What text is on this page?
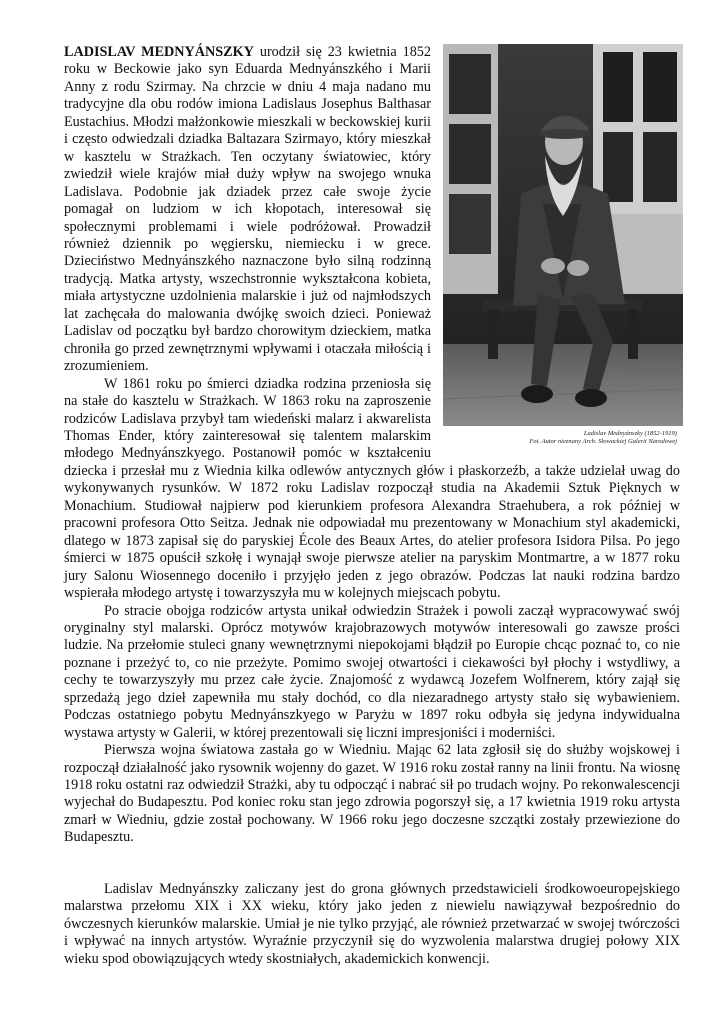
Ladislav Mednyánszky (1852-1919)
Fot. Autor nieznany Arch. Słowackiej Galerii Narodowej

LADISLAV MEDNYÁNSZKY urodził się 23 kwietnia 1852 roku w Beckowie jako syn Eduarda Mednyánszkého i Marii Anny z rodu Szirmay. Na chrzcie w dniu 4 maja nadano mu tradycyjne dla obu rodów imiona Ladislaus Josephus Balthasar Eustachius. Młodzi małżonkowie mieszkali w beckowskiej kurii i często odwiedzali dziadka Baltazara Szirmayo, który mieszkał w kasztelu w Strażkach. Ten oczytany światowiec, który zwiedził wiele krajów miał duży wpływ na swojego wnuka Ladislava. Podobnie jak dziadek przez całe swoje życie pomagał on ludziom w ich kłopotach, interesował się społecznymi problemami i wiele podróżował. Prowadził również dziennik po węgiersku, niemiecku i w grece. Dzieciństwo Mednyánszkého naznaczone było silną rodzinną tradycją. Matka artysty, wszechstronnie wykształcona kobieta, miała artystyczne uzdolnienia malarskie i już od najmłodszych lat zachęcała do malowania dwójkę swoich dzieci. Ponieważ Ladislav od początku był bardzo chorowitym dzieckiem, matka chroniła go przed zewnętrznymi wpływami i otaczała miłością i zrozumieniem.

W 1861 roku po śmierci dziadka rodzina przeniosła się na stałe do kasztelu w Strażkach. W 1863 roku na zaproszenie rodziców Ladislava przybył tam wiedeński malarz i akwarelista Thomas Ender, który zainteresował się talentem malarskim młodego Mednyánszkyego. Postanowił pomóc w kształceniu dziecka i przesłał mu z Wiednia kilka odlewów antycznych głów i płaskorzeźb, a także udzielał uwag do wykonywanych rysunków. W 1872 roku Ladislav rozpoczął studia na Akademii Sztuk Pięknych w Monachium. Studiował najpierw pod kierunkiem profesora Alexandra Straehubera, a rok później w pracowni profesora Otto Seitza. Jednak nie odpowiadał mu prezentowany w Monachium styl akademicki, dlatego w 1873 zapisał się do paryskiej École des Beaux Artes, do atelier profesora Isidora Pilsa. Po jego śmierci w 1875 opuścił szkołę i wynajął swoje pierwsze atelier na paryskim Montmartre, a w 1877 roku jury Salonu Wiosennego doceniło i przyjęło jeden z jego obrazów. Podczas lat nauki rodzina bardzo wspierała młodego artystę i towarzyszyła mu w kolejnych miejscach pobytu.

Po stracie obojga rodziców artysta unikał odwiedzin Strażek i powoli zaczął wypracowywać swój oryginalny styl malarski. Oprócz motywów krajobrazowych motywów interesowali go zawsze prości ludzie. Na przełomie stuleci gnany wewnętrznymi niepokojami błądził po Europie chcąc poznać to, co nie poznane i przeżyć to, co nie przeżyte. Pomimo swojej otwartości i ciekawości był płochy i wstydliwy, a cechy te towarzyszyły mu przez całe życie. Znajomość z wydawcą Jozefem Wolfnerem, który zajął się sprzedażą jego dzieł zapewniła mu stały dochód, co dla niezaradnego artysty stało się wybawieniem. Podczas ostatniego pobytu Mednyánszkyego w Paryżu w 1897 roku odbyła się jedyna indywidualna wystawa artysty w Galerii, w której prezentowali się liczni impresjoniści i moderniści.

Pierwsza wojna światowa zastała go w Wiedniu. Mając 62 lata zgłosił się do służby wojskowej i rozpoczął działalność jako rysownik wojenny do gazet. W 1916 roku został ranny na linii frontu. Na wiosnę 1918 roku ostatni raz odwiedził Strażki, aby tu odpocząć i nabrać sił po trudach wojny. Po rekonwalescencji wyjechał do Budapesztu. Pod koniec roku stan jego zdrowia pogorszył się, a 17 kwietnia 1919 roku artysta zmarł w Wiedniu, gdzie został pochowany. W 1966 roku jego doczesne szczątki zostały przewiezione do Budapesztu.

Ladislav Mednyánszky zaliczany jest do grona głównych przedstawicieli środkowoeuropejskiego malarstwa przełomu XIX i XX wieku, który jako jeden z niewielu nawiązywał bezpośrednio do ówczesnych kierunków malarskie. Umiał je nie tylko przyjąć, ale również przetwarzać w swojej twórczości i wpływać na innych artystów. Wyraźnie przyczynił się do wyzwolenia malarstwa drugiej połowy XIX wieku spod obowiązujących wtedy skostniałych, akademickich konwencji.
